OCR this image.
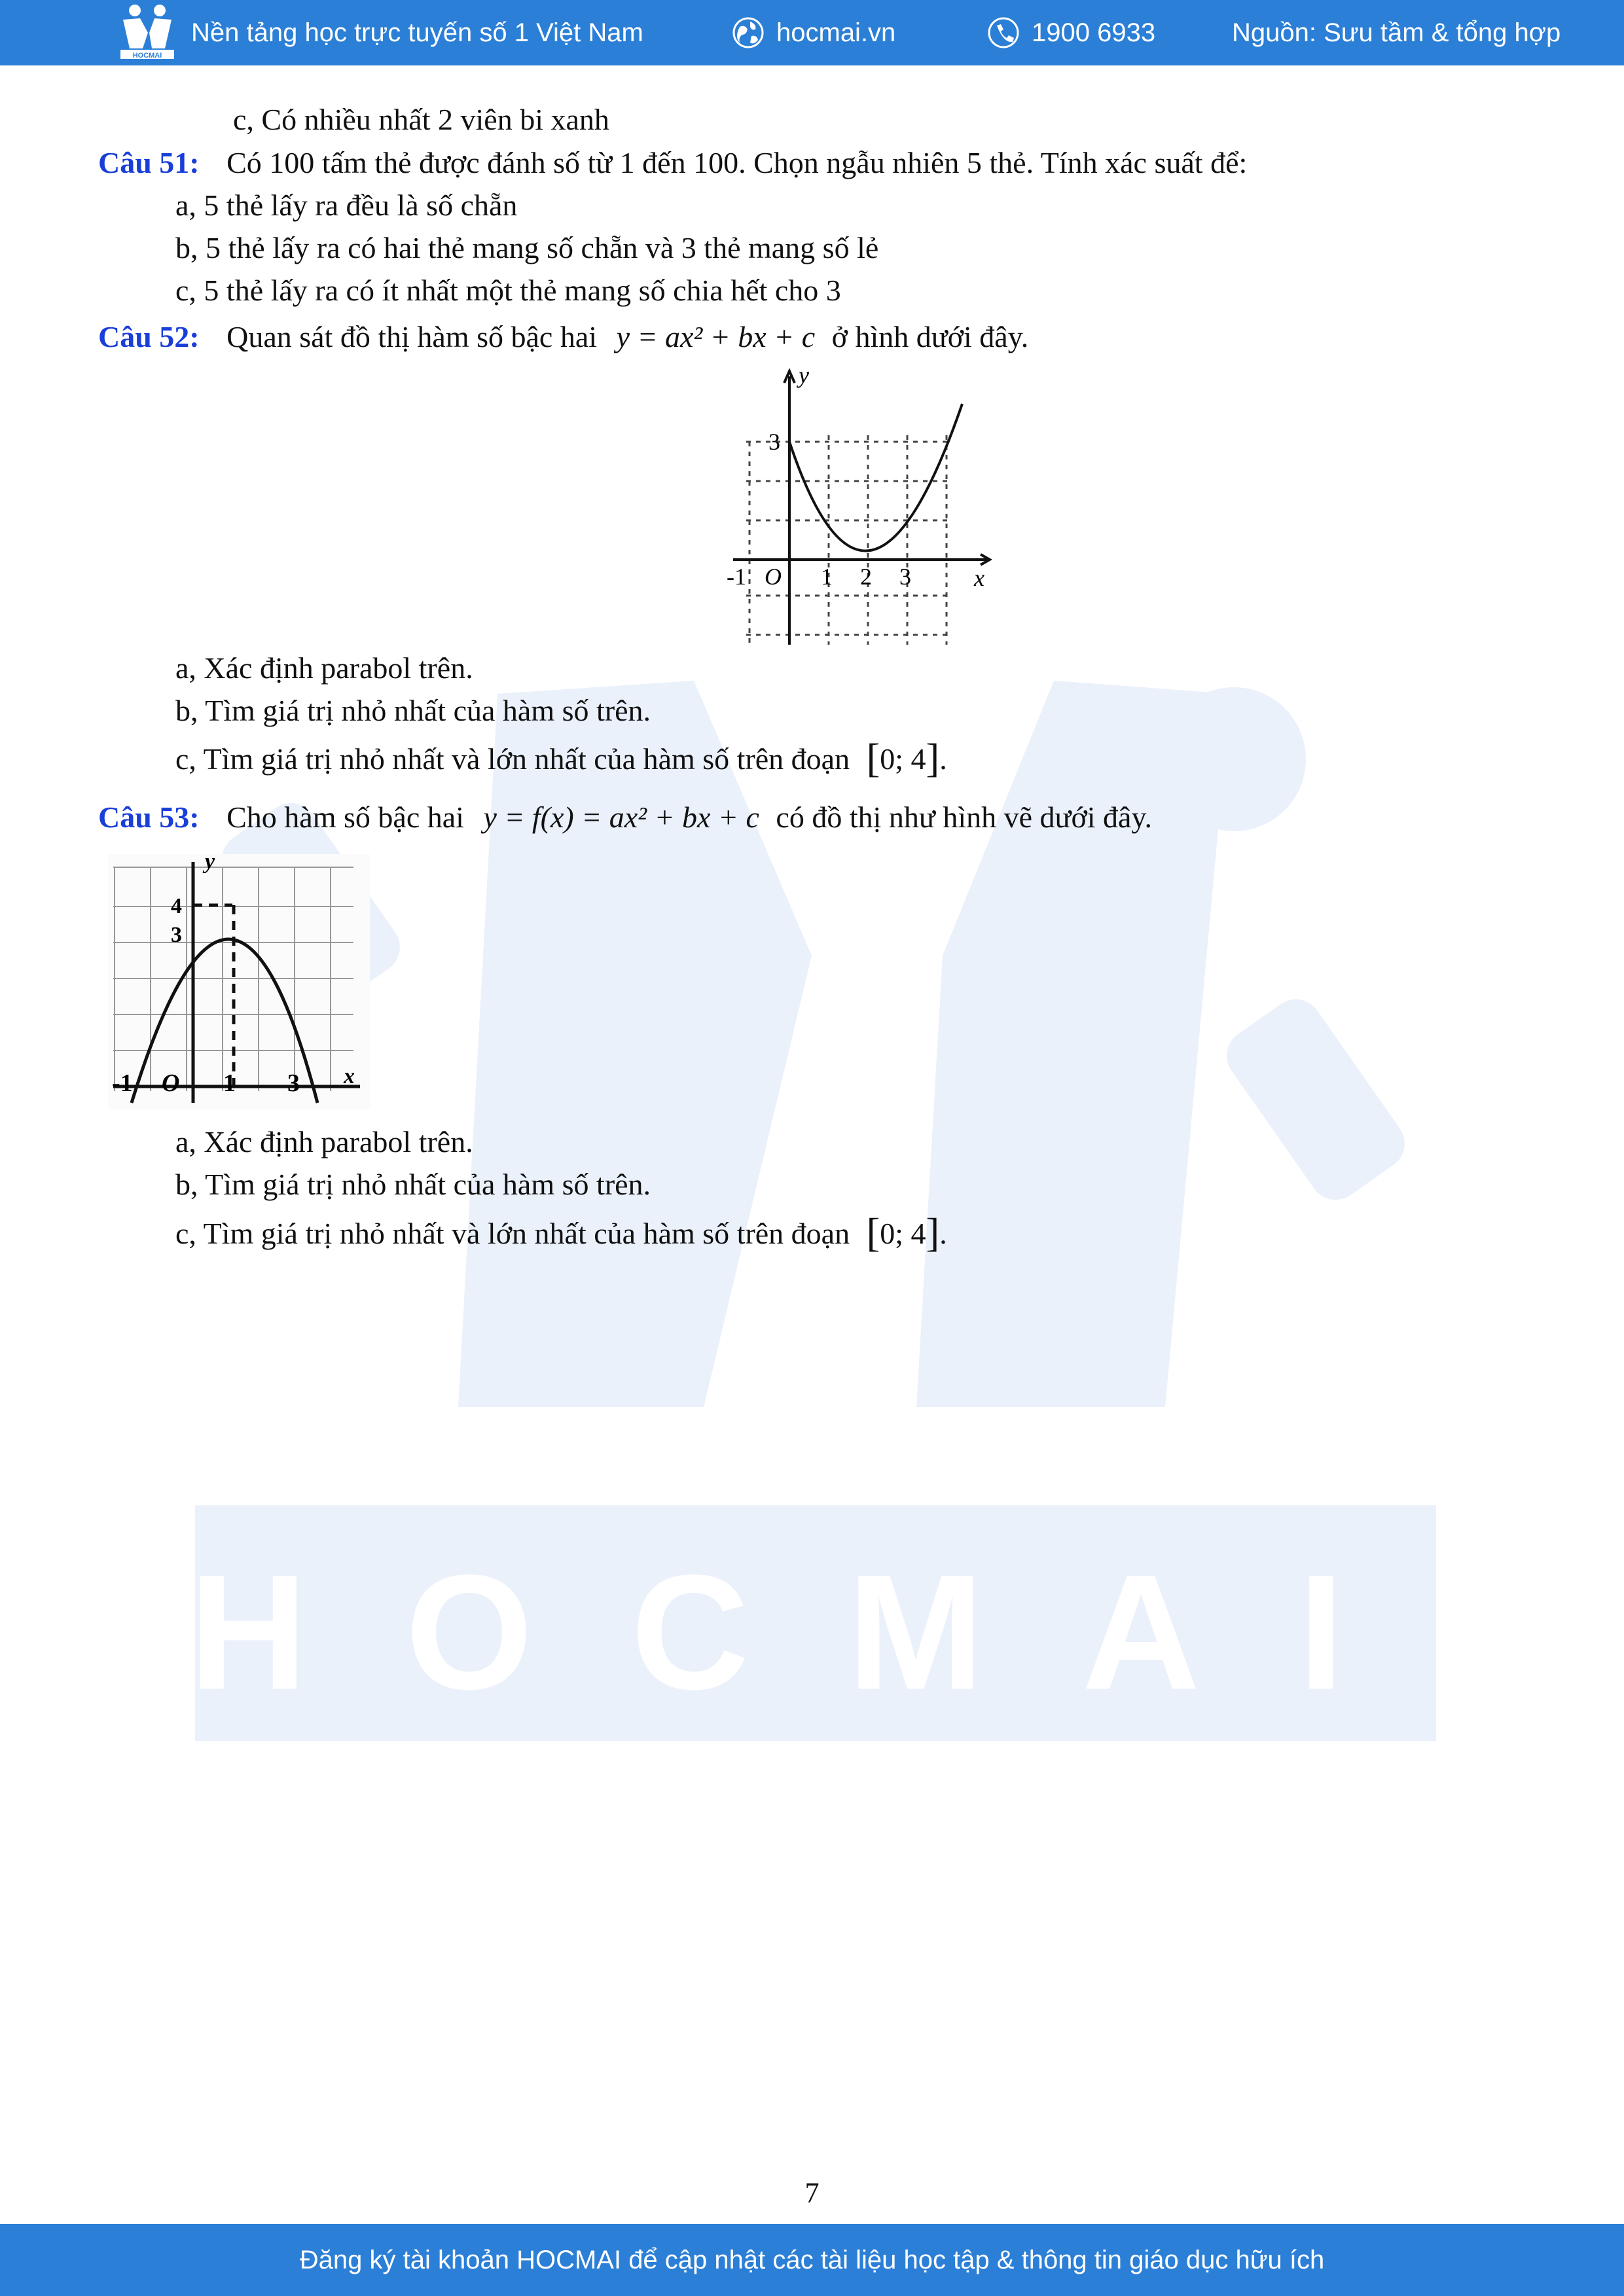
HOCMAI
HOCMAI
Nền tảng học trực tuyến số 1 Việt Nam	hocmai.vn	1900 6933	Nguồn: Sưu tầm & tổng hợp
c, Có nhiều nhất 2 viên bi xanh
Câu 51: Có 100 tấm thẻ được đánh số từ 1 đến 100. Chọn ngẫu nhiên 5 thẻ. Tính xác suất để:
a, 5 thẻ lấy ra đều là số chẵn
b, 5 thẻ lấy ra có hai thẻ mang số chẵn và 3 thẻ mang số lẻ
c, 5 thẻ lấy ra có ít nhất một thẻ mang số chia hết cho 3
Câu 52: Quan sát đồ thị hàm số bậc hai y = ax² + bx + c ở hình dưới đây.
y
x
O
-1	1 2 3
3
a, Xác định parabol trên.
b, Tìm giá trị nhỏ nhất của hàm số trên.
c, Tìm giá trị nhỏ nhất và lớn nhất của hàm số trên đoạn [0; 4].
Câu 53: Cho hàm số bậc hai y = f(x) = ax² + bx + c có đồ thị như hình vẽ dưới đây.
y
x
O
4
3
-1	1 3
a, Xác định parabol trên.
b, Tìm giá trị nhỏ nhất của hàm số trên.
c, Tìm giá trị nhỏ nhất và lớn nhất của hàm số trên đoạn [0; 4].
7
Đăng ký tài khoản HOCMAI để cập nhật các tài liệu học tập & thông tin giáo dục hữu ích
